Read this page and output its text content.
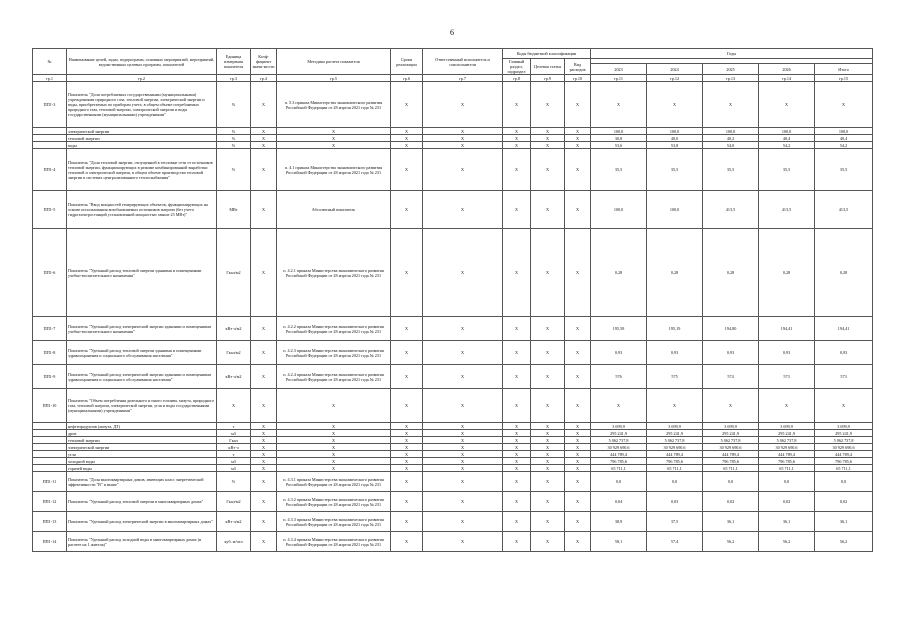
6
№	Наименование целей, задач, подпрограмм, основных мероприятий, мероприятий, ведомственных целевых программ, показателей	Единица измерения показателя	Коэф-фициент значи-мости	Методика расчета показателя	Сроки реализации	Ответственный исполнитель и соисполнители	Коды бюджетной классификации			Годы				
							Главный раздел, подраздел	Целевая статья	Вид расходов					
										2023	2024	2025	2026	Итого
гр.1	гр.2	гр.3	гр.4	гр.5	гр.6	гр.7	гр.8	гр.9	гр.10	гр.11	гр.12	гр.13	гр.14	гр.15
ПП1-3	Показатель "Доля потребляемых государственными (муниципальными) учреждениями природного газа, тепловой энергии, электрической энергии и воды, приобретаемых по приборам учета, в общем объеме потребляемых природного газа, тепловой энергии, электрической энергии и воды государственными (муниципальными) учреждениями"	%	X	п. 5.3 приказа Министерства экономического развития Российской Федерации от 28 апреля 2021 года № 231	X	X	X	X	X	X	X	X	X	X
	электрической энергии	%	X	X	X	X	X	X	X	100,0	100,0	100,0	100,0	100,0
	тепловой энергии	%	X	X	X	X	X	X	X	30,8	40,0	40,2	40,4	40,4
	воды	%	X	X	X	X	X	X	X	53,6	53,8	54,0	54,2	54,2
ПП1-4	Показатель "Доля тепловой энергии, отпущенной в тепловые сети от источников тепловой энергии, функционирующих в режиме комбинированной выработки тепловой и электрической энергии, в общем объеме производства тепловой энергии в системах централизованного теплоснабжения"	%	X	п. 4.1 приказа Министерства экономического развития Российской Федерации от 28 апреля 2021 года № 231	X	X	X	X	X	35,5	35,5	35,5	35,5	35,5
ПП1-5	Показатель "Ввод мощностей генерирующих объектов, функционирующих на основе использования возобновляемых источников энергии (без учета гидроэлектростанций установленной мощностью свыше 25 МВт)"	МВт	X	Абсолютный показатель	X	X	X	X	X	100,0	100,0	413,5	413,5	413,5
ПП1-6	Показатель "Удельный расход тепловой энергии зданиями и помещениями учебно-воспитательного назначения"	Гкал/м2	X	п. 4.2.1 приказа Министерства экономического развития Российской Федерации от 28 апреля 2021 года № 231	X	X	X	X	X	0,28	0,28	0,28	0,28	0,28
ПП1-7	Показатель "Удельный расход электрической энергии зданиями и помещениями учебно-воспитательного назначения"	кВт·ч/м2	X	п. 4.2.2 приказа Министерства экономического развития Российской Федерации от 28 апреля 2021 года № 231	X	X	X	X	X	195,58	195,19	194,80	194,41	194,41
ПП1-8	Показатель "Удельный расход тепловой энергии зданиями и помещениями здравоохранения и социального обслуживания населения"	Гкал/м2	X	п. 4.2.3 приказа Министерства экономического развития Российской Федерации от 28 апреля 2021 года № 231	X	X	X	X	X	0,93	0,93	0,93	0,93	0,93
ПП1-9	Показатель "Удельный расход электрической энергии зданиями и помещениями здравоохранения и социального обслуживания населения"	кВт·ч/м2	X	п. 4.2.4 приказа Министерства экономического развития Российской Федерации от 28 апреля 2021 года № 231	X	X	X	X	X	576	575	574	573	573
ПП1-10	Показатель "Объем потребления дизельного и иного топлива, мазута, природного газа, тепловой энергии, электрической энергии, угля и воды государственными (муниципальными) учреждениями"	X	X	X	X	X	X	X	X	X	X	X	X	X
	нефтепродуктов (мазута, ДТ)	т	X	X	X	X	X	X	X	3 699,9	3 699,9	3 699,9	3 699,9	3 699,9
	дров	м3	X	X	X	X	X	X	X	295 241,9	295 241,9	295 241,9	295 241,9	295 241,9
	тепловой энергии	Гкал	X	X	X	X	X	X	X	5 062 737,8	5 062 737,8	5 062 737,8	5 062 737,8	5 062 737,8
	электрической энергии	кВт·ч	X	X	X	X	X	X	X	30 929 690,6	30 929 690,6	30 929 690,6	30 929 690,6	30 929 690,6
	угля	т	X	X	X	X	X	X	X	444 789,4	444 789,4	444 789,4	444 789,4	444 789,4
	холодной воды	м3	X	X	X	X	X	X	X	796 785,6	796 785,6	796 785,6	796 785,6	796 785,6
	горячей воды	м3	X	X	X	X	X	X	X	65 711,1	65 711,1	65 711,1	65 711,1	65 711,1
ПП1-11	Показатель "Доля многоквартирных домов, имеющих класс энергетической эффективности "В" и выше"	%	X	п. 4.3.1 приказа Министерства экономического развития Российской Федерации от 28 апреля 2021 года № 231	X	X	X	X	X	0,0	0,0	0,0	0,0	0,0
ПП1-12	Показатель "Удельный расход тепловой энергии в многоквартирных домах"	Гкал/м2	X	п. 4.3.2 приказа Министерства экономического развития Российской Федерации от 28 апреля 2021 года № 231	X	X	X	X	X	0,04	0,03	0,02	0,02	0,02
ПП1-13	Показатель "Удельный расход электрической энергии в многоквартирных домах"	кВт·ч/м2	X	п. 4.3.3 приказа Министерства экономического развития Российской Федерации от 28 апреля 2021 года № 231	X	X	X	X	X	38,9	37,5	36,1	36,1	36,1
ПП1-14	Показатель "Удельный расход холодной воды в многоквартирных домах (в расчете на 1 жителя)"	куб. м/чел	X	п. 4.3.4 приказа Министерства экономического развития Российской Федерации от 28 апреля 2021 года № 231	X	X	X	X	X	58,1	57,4	56,2	56,2	56,2
